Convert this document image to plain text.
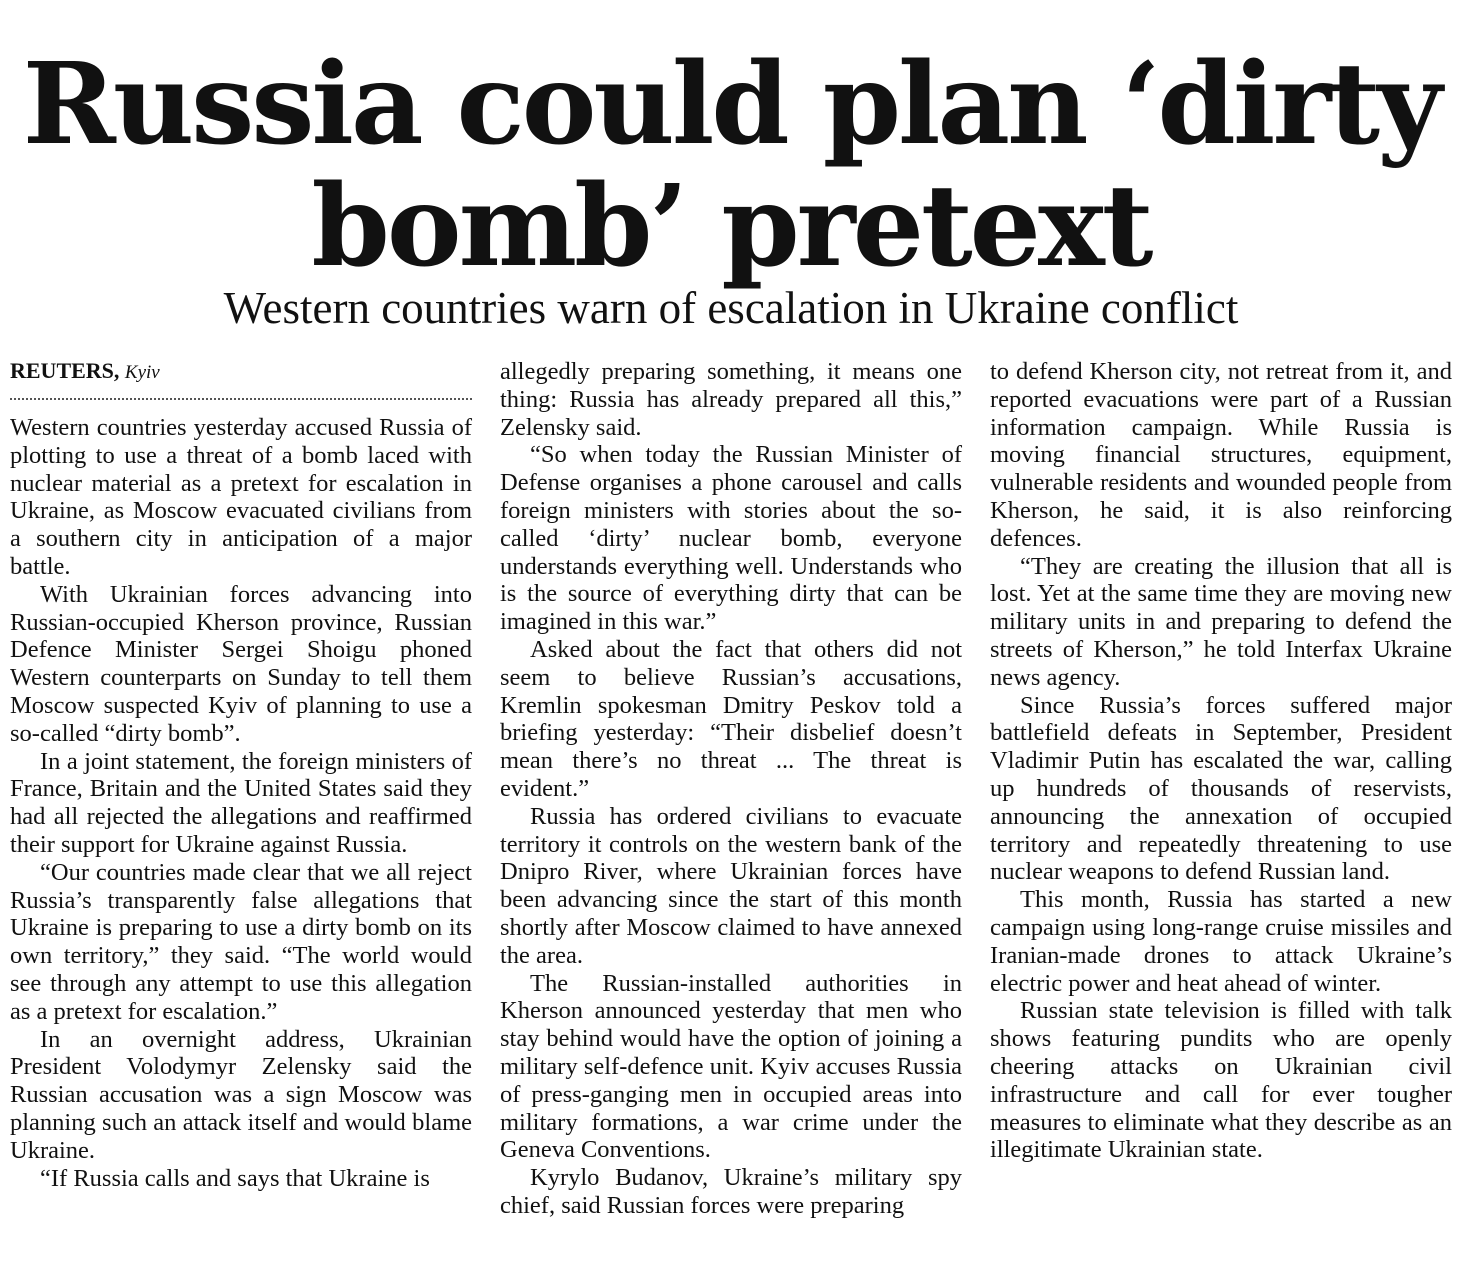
Russia could plan ‘dirty bomb’ pretext
Western countries warn of escalation in Ukraine conflict
REUTERS, Kyiv

Western countries yesterday accused Russia of plotting to use a threat of a bomb laced with nuclear material as a pretext for escalation in Ukraine, as Moscow evacuated civilians from a southern city in anticipation of a major battle.

With Ukrainian forces advancing into Russian-occupied Kherson province, Russian Defence Minister Sergei Shoigu phoned Western counterparts on Sunday to tell them Moscow suspected Kyiv of planning to use a so-called “dirty bomb”.

In a joint statement, the foreign ministers of France, Britain and the United States said they had all rejected the allegations and reaffirmed their support for Ukraine against Russia.

“Our countries made clear that we all reject Russia’s transparently false allegations that Ukraine is preparing to use a dirty bomb on its own territory,” they said. “The world would see through any attempt to use this allegation as a pretext for escalation.”

In an overnight address, Ukrainian President Volodymyr Zelensky said the Russian accusation was a sign Moscow was planning such an attack itself and would blame Ukraine.

“If Russia calls and says that Ukraine is

allegedly preparing something, it means one thing: Russia has already prepared all this,” Zelensky said.

“So when today the Russian Minister of Defense organises a phone carousel and calls foreign ministers with stories about the so-called ‘dirty’ nuclear bomb, everyone understands everything well. Understands who is the source of everything dirty that can be imagined in this war.”

Asked about the fact that others did not seem to believe Russian’s accusations, Kremlin spokesman Dmitry Peskov told a briefing yesterday: “Their disbelief doesn’t mean there’s no threat ... The threat is evident.”

Russia has ordered civilians to evacuate territory it controls on the western bank of the Dnipro River, where Ukrainian forces have been advancing since the start of this month shortly after Moscow claimed to have annexed the area.

The Russian-installed authorities in Kherson announced yesterday that men who stay behind would have the option of joining a military self-defence unit. Kyiv accuses Russia of press-ganging men in occupied areas into military formations, a war crime under the Geneva Conventions.

Kyrylo Budanov, Ukraine’s military spy chief, said Russian forces were preparing

to defend Kherson city, not retreat from it, and reported evacuations were part of a Russian information campaign. While Russia is moving financial structures, equipment, vulnerable residents and wounded people from Kherson, he said, it is also reinforcing defences.

“They are creating the illusion that all is lost. Yet at the same time they are moving new military units in and preparing to defend the streets of Kherson,” he told Interfax Ukraine news agency.

Since Russia’s forces suffered major battlefield defeats in September, President Vladimir Putin has escalated the war, calling up hundreds of thousands of reservists, announcing the annexation of occupied territory and repeatedly threatening to use nuclear weapons to defend Russian land.

This month, Russia has started a new campaign using long-range cruise missiles and Iranian-made drones to attack Ukraine’s electric power and heat ahead of winter.

Russian state television is filled with talk shows featuring pundits who are openly cheering attacks on Ukrainian civil infrastructure and call for ever tougher measures to eliminate what they describe as an illegitimate Ukrainian state.
